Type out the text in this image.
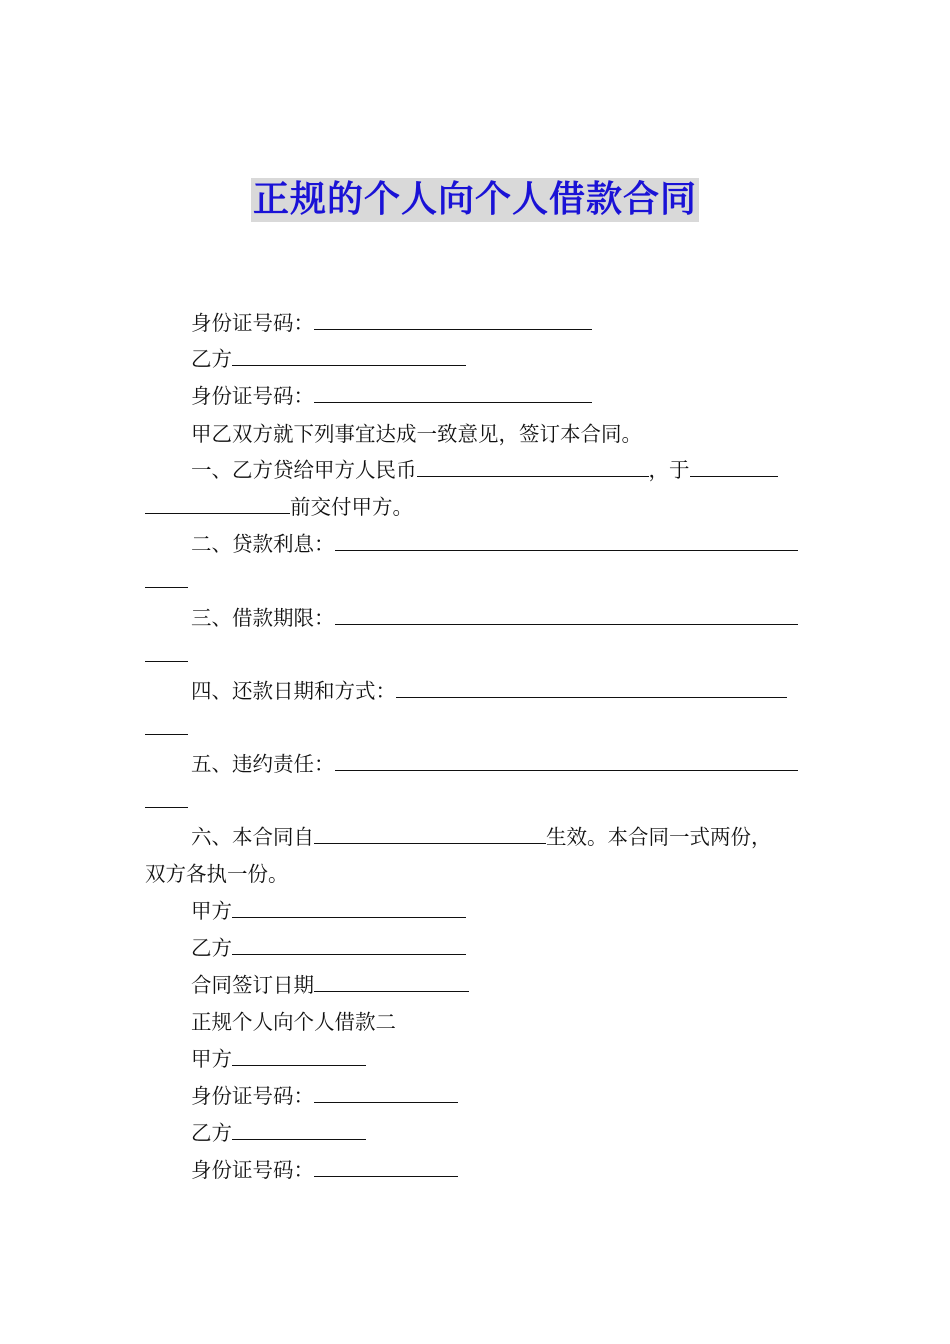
正规的个人向个人借款合同
身份证号码：
乙方
身份证号码：
甲乙双方就下列事宜达成一致意见，签订本合同。
一、乙方贷给甲方人民币	，于
前交付甲方。
二、贷款利息：
三、借款期限：
四、还款日期和方式：
五、违约责任：
六、本合同自	生效。本合同一式两份，
双方各执一份。
甲方
乙方
合同签订日期
正规个人向个人借款二
甲方
身份证号码：
乙方
身份证号码：
